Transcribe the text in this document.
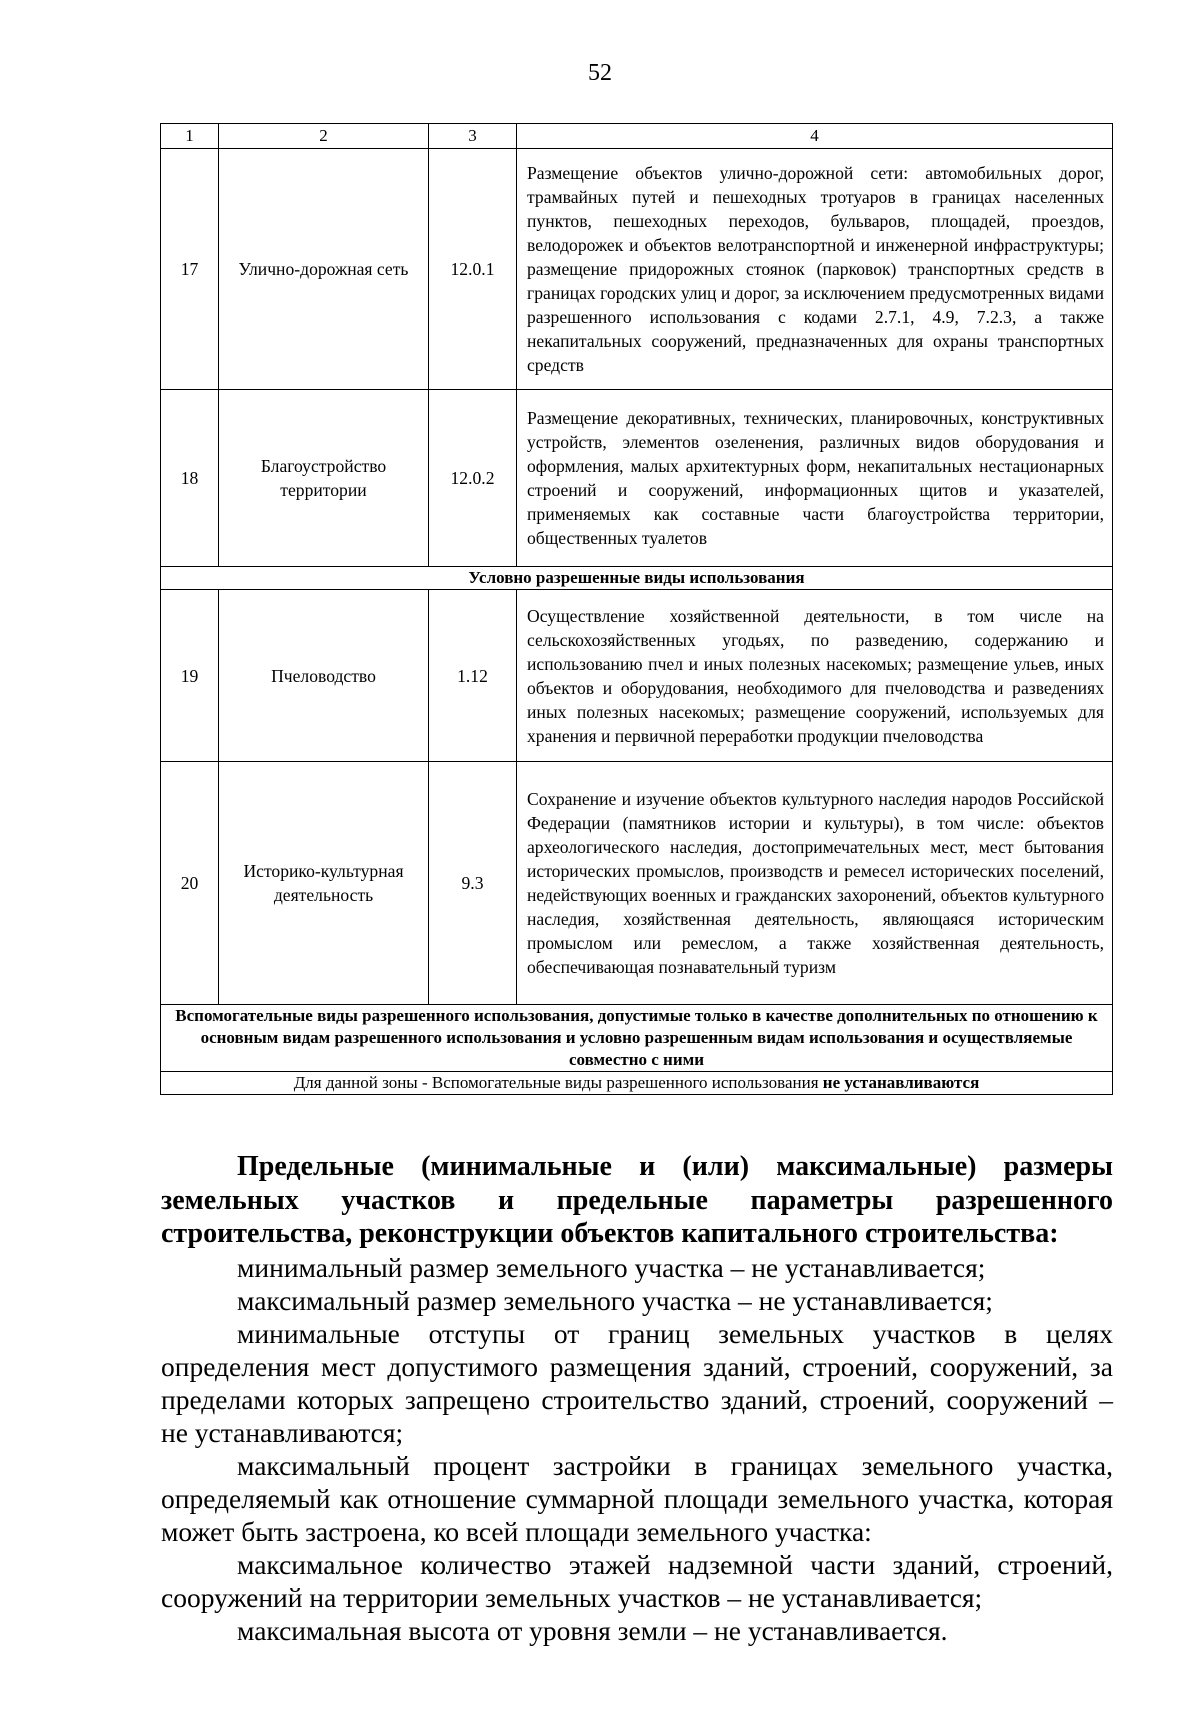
52
1	2	3	4
17	Улично-дорожная сеть	12.0.1	Размещение объектов улично-дорожной сети: автомобильных дорог, трамвайных путей и пешеходных тротуаров в границах населенных пунктов, пешеходных переходов, бульваров, площадей, проездов, велодорожек и объектов велотранспортной и инженерной инфраструктуры; размещение придорожных стоянок (парковок) транспортных средств в границах городских улиц и дорог, за исключением предусмотренных видами разрешенного использования с кодами 2.7.1, 4.9, 7.2.3, а также некапитальных сооружений, предназначенных для охраны транспортных средств
18	Благоустройство территории	12.0.2	Размещение декоративных, технических, планировочных, конструктивных устройств, элементов озеленения, различных видов оборудования и оформления, малых архитектурных форм, некапитальных нестационарных строений и сооружений, информационных щитов и указателей, применяемых как составные части благоустройства территории, общественных туалетов
Условно разрешенные виды использования			
19	Пчеловодство	1.12	Осуществление хозяйственной деятельности, в том числе на сельскохозяйственных угодьях, по разведению, содержанию и использованию пчел и иных полезных насекомых; размещение ульев, иных объектов и оборудования, необходимого для пчеловодства и разведениях иных полезных насекомых; размещение сооружений, используемых для хранения и первичной переработки продукции пчеловодства
20	Историко-культурная деятельность	9.3	Сохранение и изучение объектов культурного наследия народов Российской Федерации (памятников истории и культуры), в том числе: объектов археологического наследия, достопримечательных мест, мест бытования исторических промыслов, производств и ремесел исторических поселений, недействующих военных и гражданских захоронений, объектов культурного наследия, хозяйственная деятельность, являющаяся историческим промыслом или ремеслом, а также хозяйственная деятельность, обеспечивающая познавательный туризм
Вспомогательные виды разрешенного использования, допустимые только в качестве дополнительных по отношению к основным видам разрешенного использования и условно разрешенным видам использования и осуществляемые совместно с ними			
Для данной зоны - Вспомогательные виды разрешенного использования не устанавливаются			

Предельные (минимальные и (или) максимальные) размеры земельных участков и предельные параметры разрешенного строительства, реконструкции объектов капитального строительства:

минимальный размер земельного участка – не устанавливается;

максимальный размер земельного участка – не устанавливается;

минимальные отступы от границ земельных участков в целях определения мест допустимого размещения зданий, строений, сооружений, за пределами которых запрещено строительство зданий, строений, сооружений – не устанавливаются;

максимальный процент застройки в границах земельного участка, определяемый как отношение суммарной площади земельного участка, которая может быть застроена, ко всей площади земельного участка:

максимальное количество этажей надземной части зданий, строений, сооружений на территории земельных участков – не устанавливается;

максимальная высота от уровня земли – не устанавливается.
